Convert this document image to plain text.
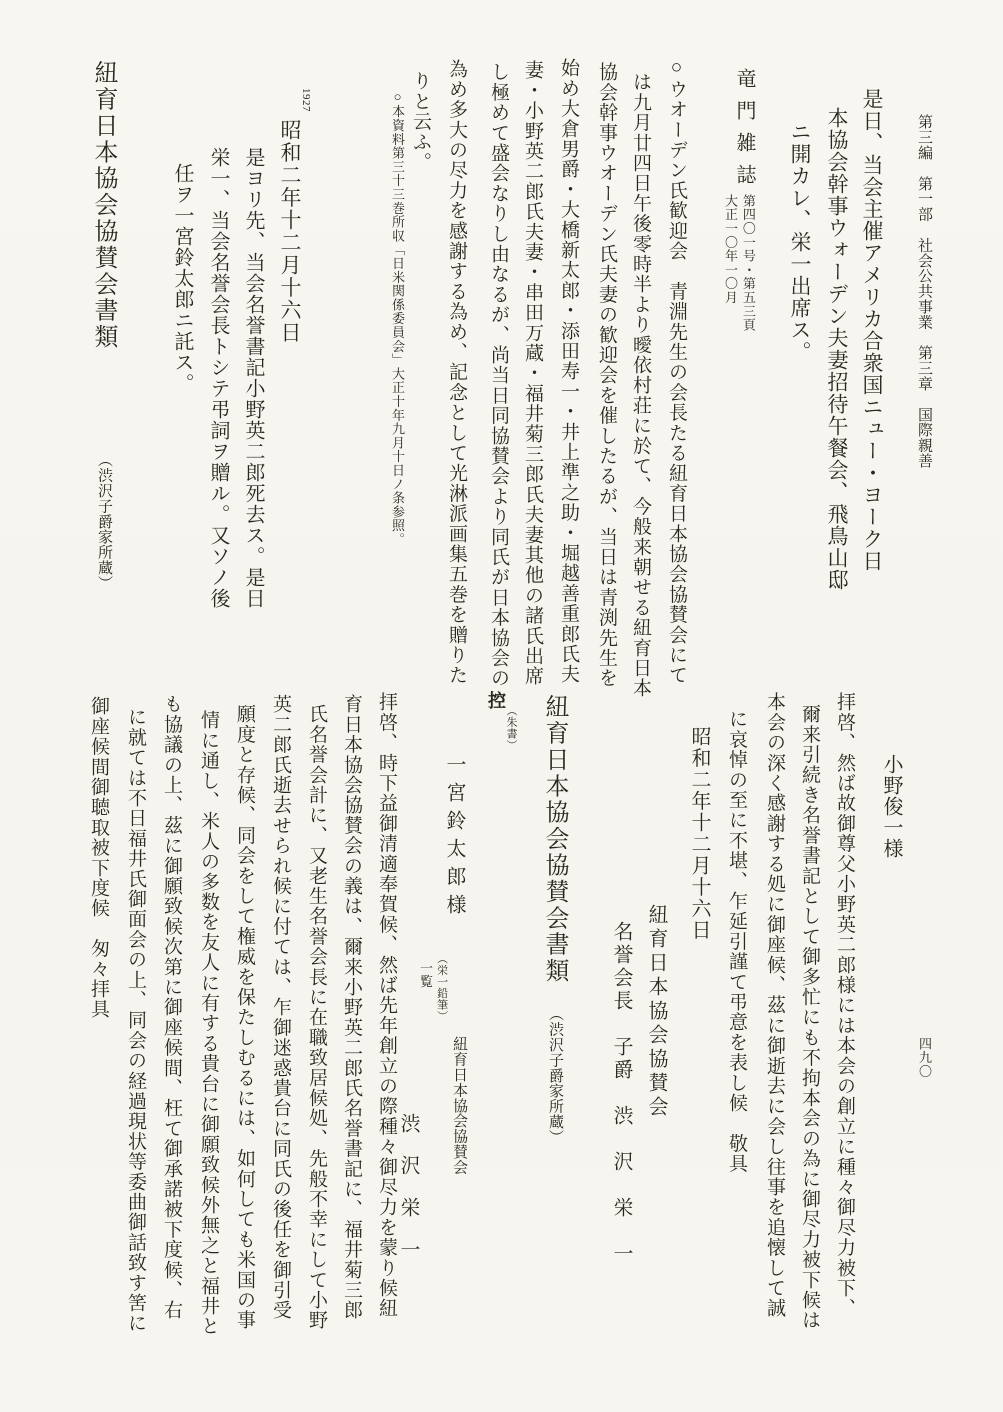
第三編　第一部　社会公共事業　第三章　国際親善
四九〇
是日、当会主催アメリカ合衆国ニュー・ヨーク日
本協会幹事ウォーデン夫妻招待午餐会、飛鳥山邸
ニ開カレ、栄一出席ス。
竜門雑誌
第四〇一号・第五三頁
大正一〇年一〇月
○ウオーデン氏歓迎会　青淵先生の会長たる紐育日本協会協賛会にて
は九月廿四日午後零時半より曖依村荘に於て、今般来朝せる紐育日本
協会幹事ウオーデン氏夫妻の歓迎会を催したるが、当日は青渕先生を
始め大倉男爵・大橋新太郎・添田寿一・井上準之助・堀越善重郎氏夫
妻・小野英二郎氏夫妻・串田万蔵・福井菊三郎氏夫妻其他の諸氏出席
し極めて盛会なりし由なるが、尚当日同協賛会より同氏が日本協会の
為め多大の尽力を感謝する為め、記念として光淋派画集五巻を贈りた
りと云ふ。
○本資料第三十三巻所収「日米関係委員会」大正十年九月十日ノ条参照。
紐育日本協会協賛会書類
（渋沢子爵家所蔵）
1927
昭和二年十二月十六日
是ヨリ先、当会名誉書記小野英二郎死去ス。是日
栄一、当会名誉会長トシテ弔詞ヲ贈ル。又ソノ後
任ヲ一宮鈴太郎ニ託ス。
小野俊一様
拝啓、然ば故御尊父小野英二郎様には本会の創立に種々御尽力被下、
爾来引続き名誉書記として御多忙にも不拘本会の為に御尽力被下候は
本会の深く感謝する処に御座候、茲に御逝去に会し往事を追懐して誠
に哀悼の至に不堪、乍延引謹て弔意を表し候　敬具
昭和二年十二月十六日
紐育日本協会協賛会
名誉会長　子爵　渋　沢　栄　一
紐育日本協会協賛会書類
（渋沢子爵家所蔵）
控
（朱書）
一宮鈴太郎様
（栄一鉛筆）
一覧
紐育日本協会協賛会
渋沢栄一
拝啓、時下益御清適奉賀候、然ば先年創立の際種々御尽力を蒙り候紐
育日本協会協賛会の義は、爾来小野英二郎氏名誉書記に、福井菊三郎
氏名誉会計に、又老生名誉会長に在職致居候処、先般不幸にして小野
英二郎氏逝去せられ候に付ては、乍御迷惑貴台に同氏の後任を御引受
願度と存候、同会をして権威を保たしむるには、如何しても米国の事
情に通し、米人の多数を友人に有する貴台に御願致候外無之と福井と
も協議の上、茲に御願致候次第に御座候間、枉て御承諾被下度候、右
に就ては不日福井氏御面会の上、同会の経過現状等委曲御話致す筈に
御座候間御聴取被下度候　匆々拝具
